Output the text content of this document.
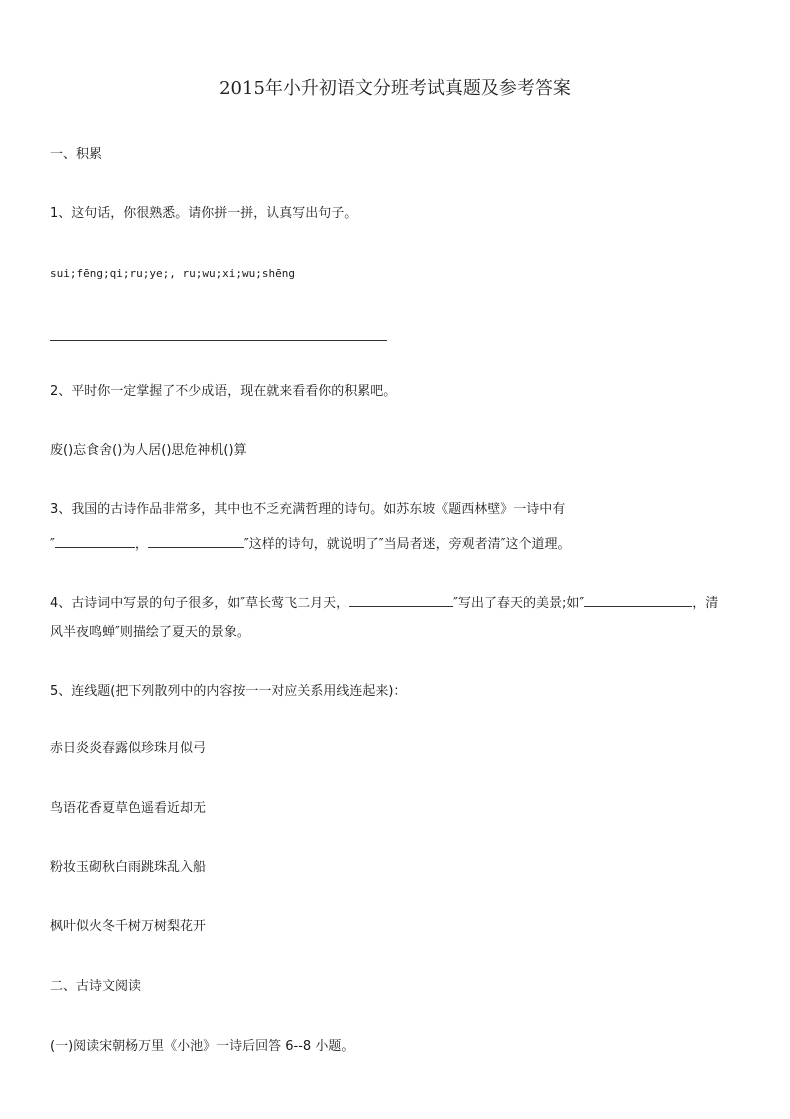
2015年小升初语文分班考试真题及参考答案
一、积累
1、这句话，你很熟悉。请你拼一拼，认真写出句子。
sui;fēng;qi;ru;ye;, ru;wu;xi;wu;shēng
2、平时你一定掌握了不少成语，现在就来看看你的积累吧。
废()忘食舍()为人居()思危神机()算
3、我国的古诗作品非常多，其中也不乏充满哲理的诗句。如苏东坡《题西林壁》一诗中有
″	，	″这样的诗句，就说明了″当局者迷，旁观者清″这个道理。
4、古诗词中写景的句子很多，如″草长莺飞二月天，	″写出了春天的美景;如″	，清
风半夜鸣蝉″则描绘了夏天的景象。
5、连线题(把下列散列中的内容按一一对应关系用线连起来)：
赤日炎炎春露似珍珠月似弓
鸟语花香夏草色遥看近却无
粉妆玉砌秋白雨跳珠乱入船
枫叶似火冬千树万树梨花开
二、古诗文阅读
(一)阅读宋朝杨万里《小池》一诗后回答 6--8 小题。
